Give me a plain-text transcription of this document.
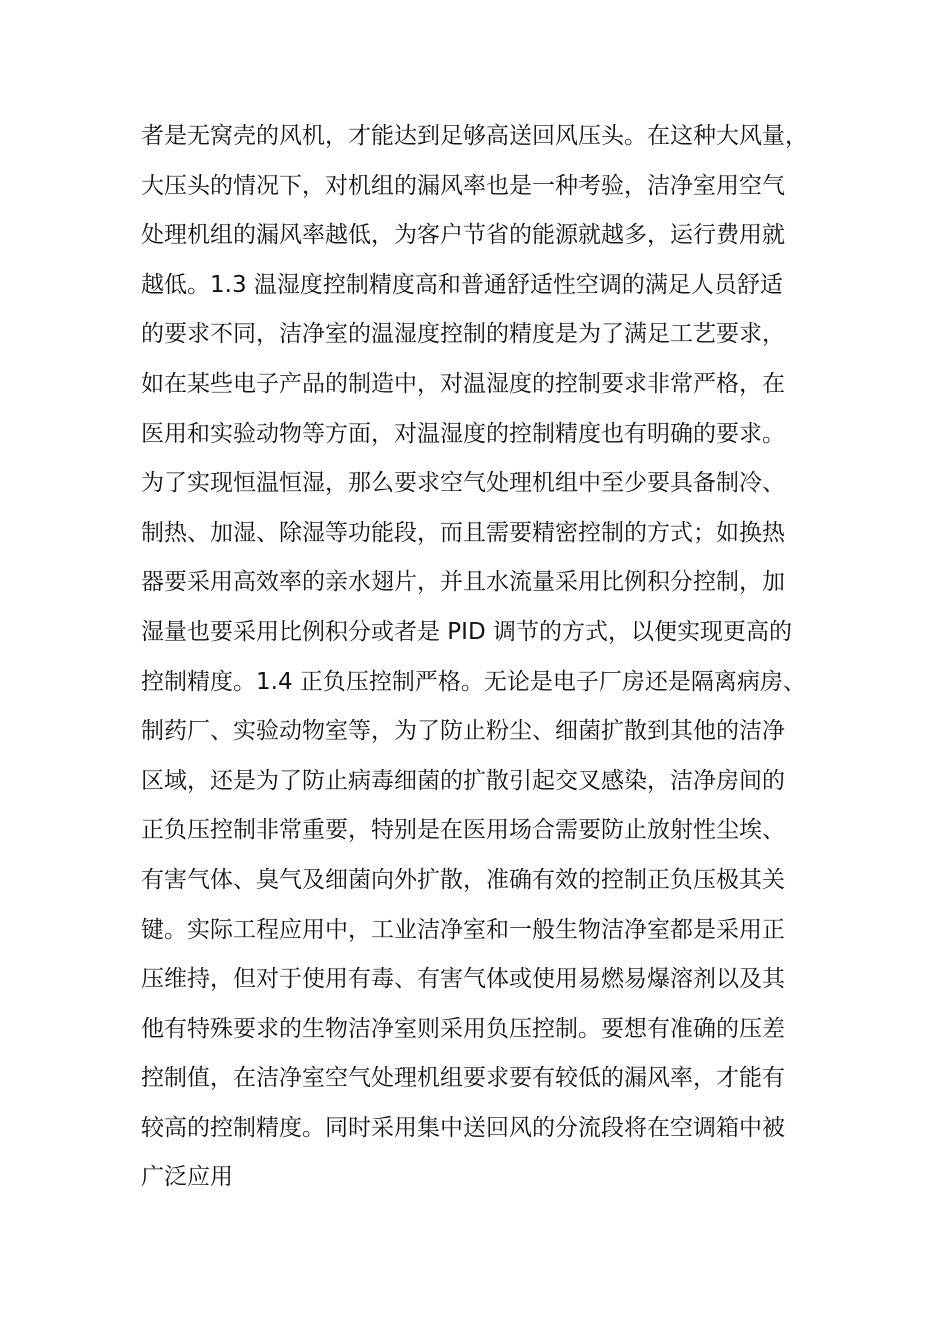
者是无窝壳的风机，才能达到足够高送回风压头。在这种大风量，
大压头的情况下，对机组的漏风率也是一种考验，洁净室用空气
处理机组的漏风率越低，为客户节省的能源就越多，运行费用就
越低。1.3 温湿度控制精度高和普通舒适性空调的满足人员舒适
的要求不同，洁净室的温湿度控制的精度是为了满足工艺要求，
如在某些电子产品的制造中，对温湿度的控制要求非常严格，在
医用和实验动物等方面，对温湿度的控制精度也有明确的要求。
为了实现恒温恒湿，那么要求空气处理机组中至少要具备制冷、
制热、加湿、除湿等功能段，而且需要精密控制的方式；如换热
器要采用高效率的亲水翅片，并且水流量采用比例积分控制，加
湿量也要采用比例积分或者是 PID 调节的方式，以便实现更高的
控制精度。1.4 正负压控制严格。无论是电子厂房还是隔离病房、
制药厂、实验动物室等，为了防止粉尘、细菌扩散到其他的洁净
区域，还是为了防止病毒细菌的扩散引起交叉感染，洁净房间的
正负压控制非常重要，特别是在医用场合需要防止放射性尘埃、
有害气体、臭气及细菌向外扩散，准确有效的控制正负压极其关
键。实际工程应用中，工业洁净室和一般生物洁净室都是采用正
压维持，但对于使用有毒、有害气体或使用易燃易爆溶剂以及其
他有特殊要求的生物洁净室则采用负压控制。要想有准确的压差
控制值，在洁净室空气处理机组要求要有较低的漏风率，才能有
较高的控制精度。同时采用集中送回风的分流段将在空调箱中被
广泛应用
